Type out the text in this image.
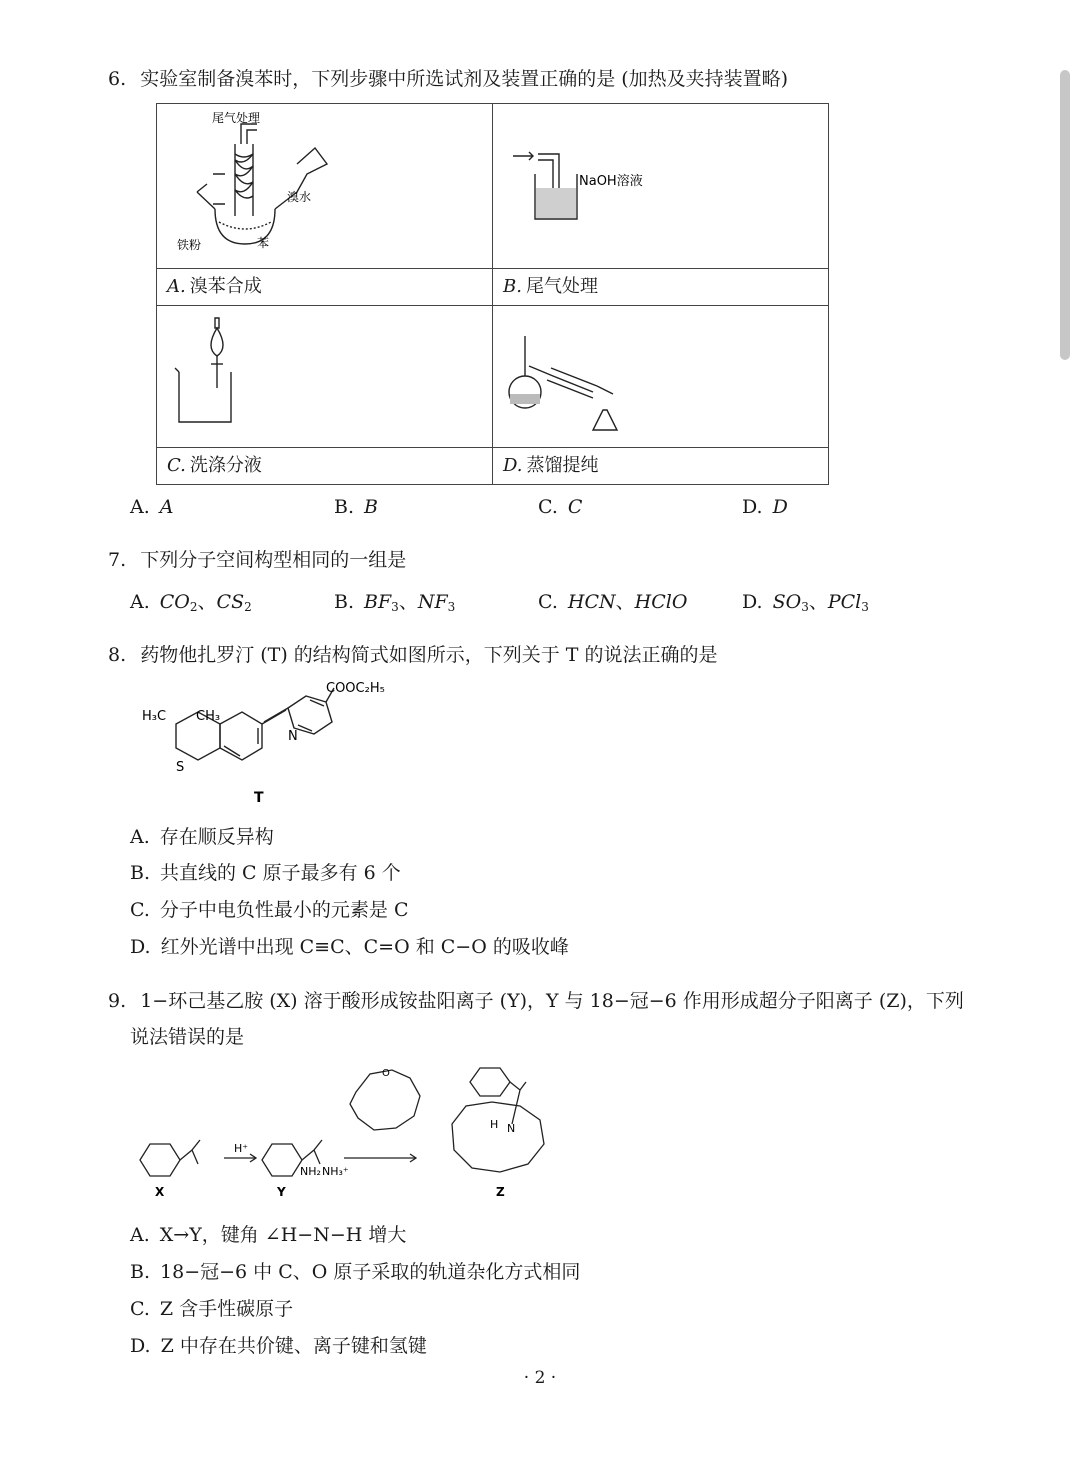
6. 实验室制备溴苯时，下列步骤中所选试剂及装置正确的是 (加热及夹持装置略)
尾气处理
溴水
铁粉 苯	NaOH溶液

A. 溴苯合成	B. 尾气处理

C. 洗涤分液	D. 蒸馏提纯
A. A	B. B	C. C	D. D
7. 下列分子空间构型相同的一组是
A. $CO_2$、$CS_2$	B. $BF_3$、$NF_3$	C. HCN、HClO	D. $SO_3$、PCl$_3$
8. 药物他扎罗汀 (T) 的结构简式如图所示，下列关于 T 的说法正确的是
H₃C CH₃
COOC₂H₅
N
S
T
A. 存在顺反异构
B. 共直线的 C 原子最多有 6 个
C. 分子中电负性最小的元素是 C
D. 红外光谱中出现 C≡C、C=O 和 C−O 的吸收峰
9. 1−环己基乙胺 (X) 溶于酸形成铵盐阳离子 (Y)，Y 与 18−冠−6 作用形成超分子阳离子 (Z)，下列
说法错误的是
NH₂
H⁺
NH₃⁺
X	Y	Z
N
H
O
A. X→Y，键角 ∠H−N−H 增大
B. 18−冠−6 中 C、O 原子采取的轨道杂化方式相同
C. Z 含手性碳原子
D. Z 中存在共价键、离子键和氢键
· 2 ·
